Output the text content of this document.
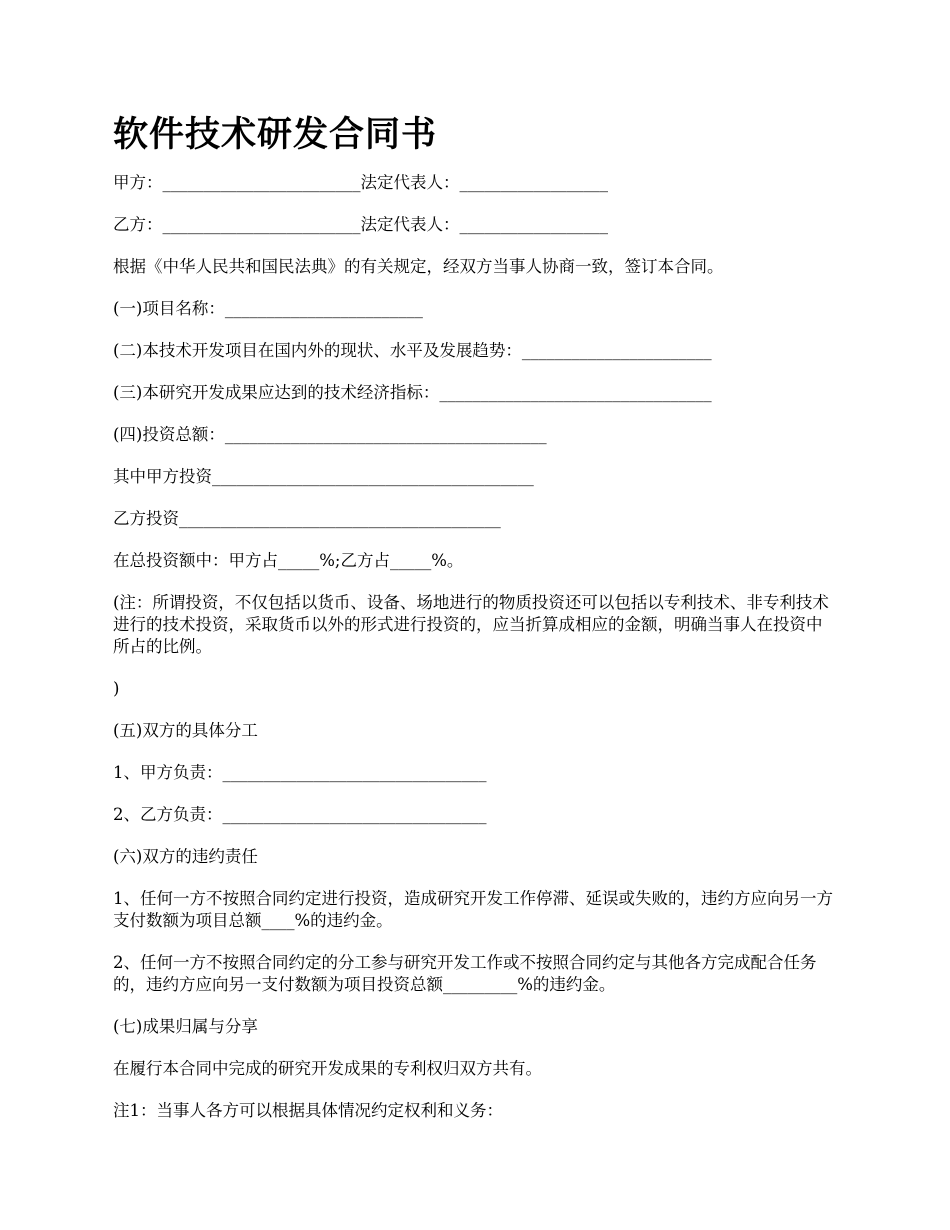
软件技术研发合同书

甲方：________________________法定代表人：__________________

乙方：________________________法定代表人：__________________

根据《中华人民共和国民法典》的有关规定，经双方当事人协商一致，签订本合同。

(一)项目名称：________________________

(二)本技术开发项目在国内外的现状、水平及发展趋势：_______________________

(三)本研究开发成果应达到的技术经济指标：_________________________________

(四)投资总额：_______________________________________

其中甲方投资_______________________________________

乙方投资_______________________________________

在总投资额中：甲方占_____%;乙方占_____%。

(注：所谓投资，不仅包括以货币、设备、场地进行的物质投资还可以包括以专利技术、非专利技术进行的技术投资，采取货币以外的形式进行投资的，应当折算成相应的金额，明确当事人在投资中所占的比例。

)

(五)双方的具体分工

1、甲方负责：________________________________

2、乙方负责：________________________________

(六)双方的违约责任

1、任何一方不按照合同约定进行投资，造成研究开发工作停滞、延误或失败的，违约方应向另一方支付数额为项目总额____%的违约金。

2、任何一方不按照合同约定的分工参与研究开发工作或不按照合同约定与其他各方完成配合任务的，违约方应向另一支付数额为项目投资总额_________%的违约金。

(七)成果归属与分享

在履行本合同中完成的研究开发成果的专利权归双方共有。

注1：当事人各方可以根据具体情况约定权利和义务：
